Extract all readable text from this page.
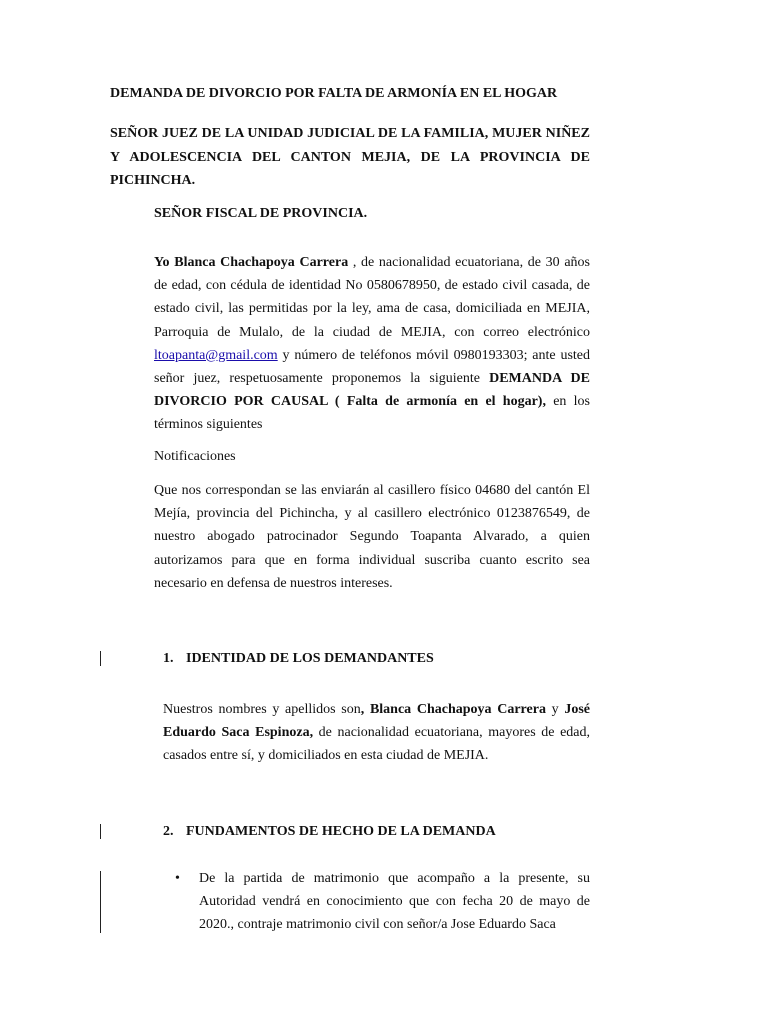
DEMANDA DE DIVORCIO POR FALTA DE ARMONÍA EN EL HOGAR

SEÑOR JUEZ DE LA UNIDAD JUDICIAL DE LA FAMILIA, MUJER NIÑEZ Y ADOLESCENCIA DEL CANTON MEJIA, DE LA PROVINCIA DE PICHINCHA.

SEÑOR FISCAL DE PROVINCIA.

Yo Blanca Chachapoya Carrera , de nacionalidad ecuatoriana, de 30 años de edad, con cédula de identidad No 0580678950, de estado civil casada, de estado civil, las permitidas por la ley, ama de casa, domiciliada en MEJIA, Parroquia de Mulalo, de la ciudad de MEJIA, con correo electrónico ltoapanta@gmail.com y número de teléfonos móvil 0980193303; ante usted señor juez, respetuosamente proponemos la siguiente DEMANDA DE DIVORCIO POR CAUSAL ( Falta de armonía en el hogar), en los términos siguientes

Notificaciones

Que nos correspondan se las enviarán al casillero físico 04680 del cantón El Mejía, provincia del Pichincha, y al casillero electrónico 0123876549, de nuestro abogado patrocinador Segundo Toapanta Alvarado, a quien autorizamos para que en forma individual suscriba cuanto escrito sea necesario en defensa de nuestros intereses.

1. IDENTIDAD DE LOS DEMANDANTES

Nuestros nombres y apellidos son, Blanca Chachapoya Carrera y José Eduardo Saca Espinoza, de nacionalidad ecuatoriana, mayores de edad, casados entre sí, y domiciliados en esta ciudad de MEJIA.

2. FUNDAMENTOS DE HECHO DE LA DEMANDA

• De la partida de matrimonio que acompaño a la presente, su Autoridad vendrá en conocimiento que con fecha 20 de mayo de 2020., contraje matrimonio civil con señor/a Jose Eduardo Saca
